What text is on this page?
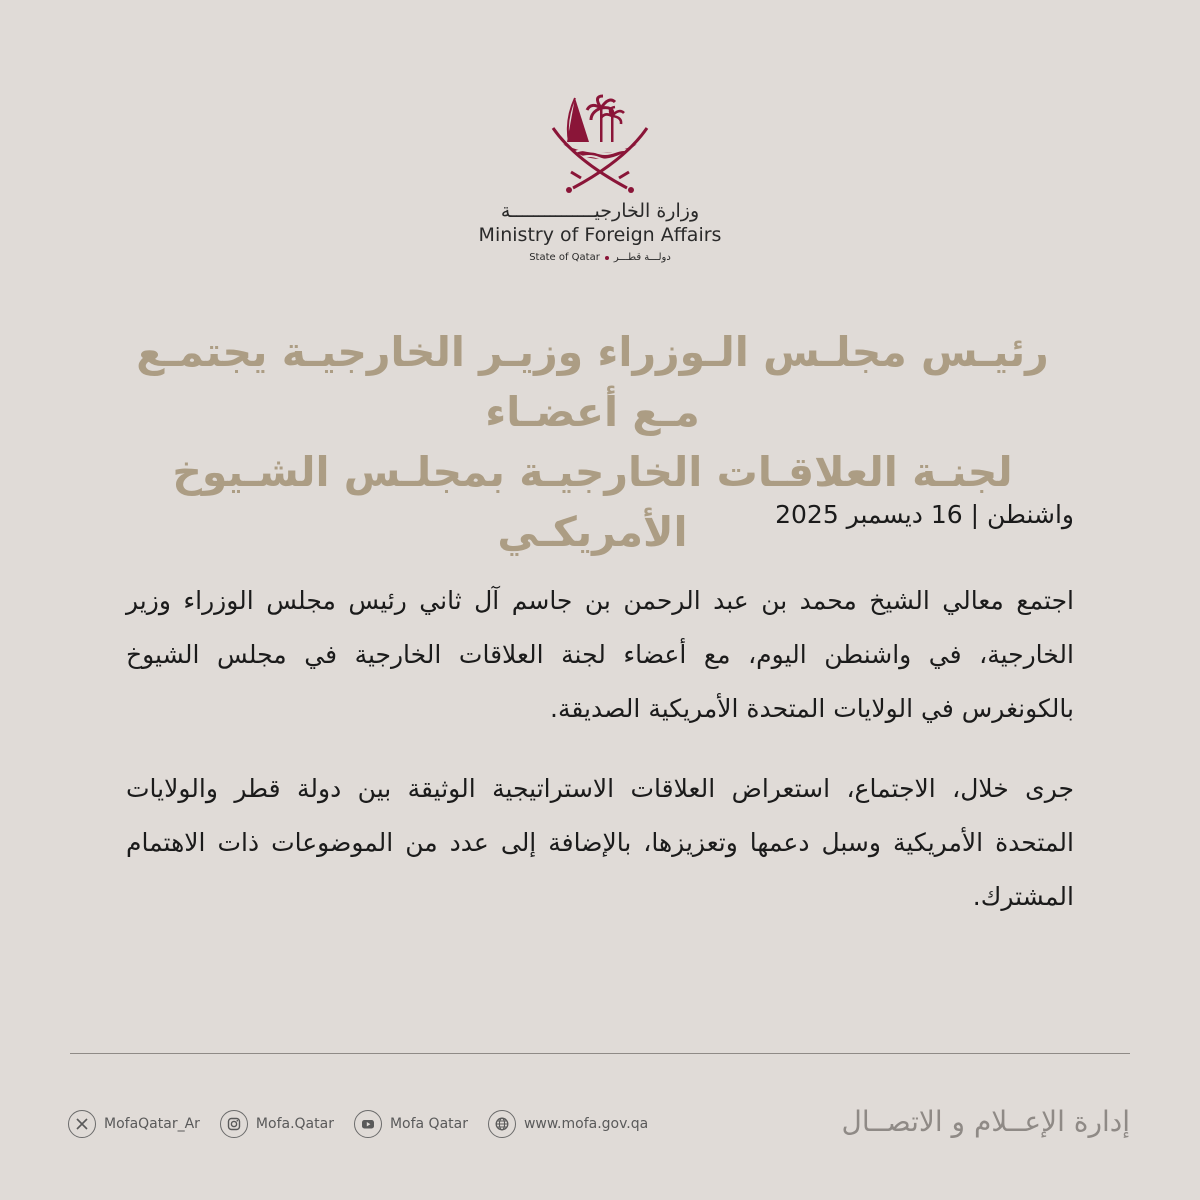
وزارة الخارجيـــــــــــــــة
Ministry of Foreign Affairs
State of Qatar دولـــة قطـــر
رئيـس مجلـس الـوزراء وزيـر الخارجيـة يجتمـع مـع أعضـاء
لجنـة العلاقـات الخارجيـة بمجلـس الشـيوخ الأمريكـي	واشنطن | 16 ديسمبر 2025

اجتمع معالي الشيخ محمد بن عبد الرحمن بن جاسم آل ثاني رئيس مجلس الوزراء وزير الخارجية، في واشنطن اليوم، مع أعضاء لجنة العلاقات الخارجية في مجلس الشيوخ بالكونغرس في الولايات المتحدة الأمريكية الصديقة.

جرى خلال، الاجتماع، استعراض العلاقات الاستراتيجية الوثيقة بين دولة قطر والولايات المتحدة الأمريكية وسبل دعمها وتعزيزها، بالإضافة إلى عدد من الموضوعات ذات الاهتمام المشترك.

MofaQatar_Ar	Mofa.Qatar	Mofa Qatar	www.mofa.gov.qa	إدارة الإعــلام و الاتصــال
